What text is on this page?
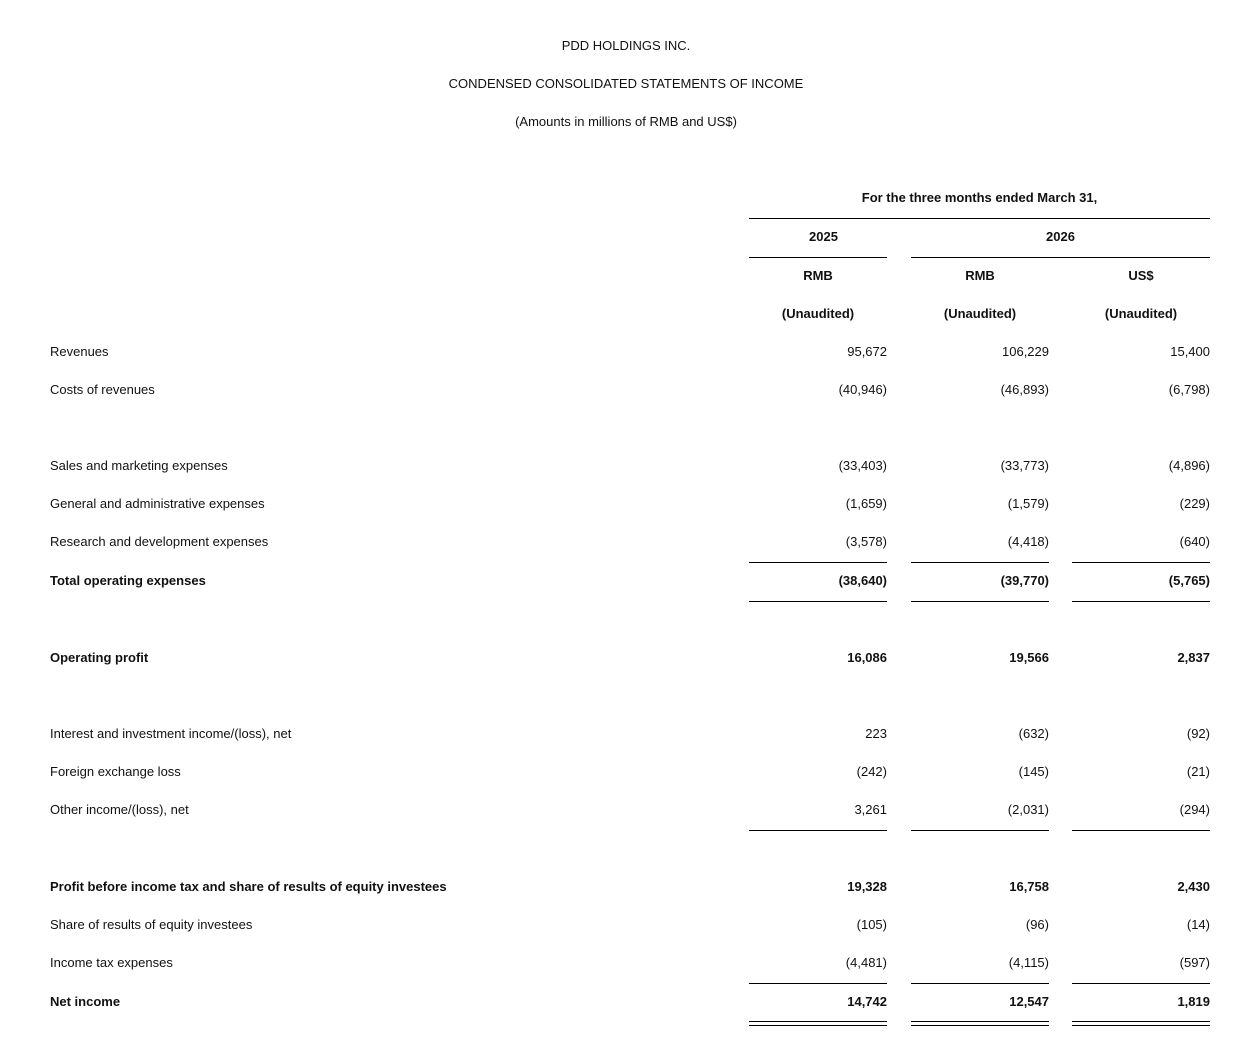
PDD HOLDINGS INC.
CONDENSED CONSOLIDATED STATEMENTS OF INCOME
(Amounts in millions of RMB and US$)
For the three months ended March 31,
2025	2026
RMB	RMB	US$
(Unaudited)	(Unaudited)	(Unaudited)
Revenues	95,672	106,229	15,400
Costs of revenues	(40,946)	(46,893)	(6,798)
Sales and marketing expenses	(33,403)	(33,773)	(4,896)
General and administrative expenses	(1,659)	(1,579)	(229)
Research and development expenses	(3,578)	(4,418)	(640)
Total operating expenses	(38,640)	(39,770)	(5,765)
Operating profit	16,086	19,566	2,837
Interest and investment income/(loss), net	223	(632)	(92)
Foreign exchange loss	(242)	(145)	(21)
Other income/(loss), net	3,261	(2,031)	(294)
Profit before income tax and share of results of equity investees	19,328	16,758	2,430
Share of results of equity investees	(105)	(96)	(14)
Income tax expenses	(4,481)	(4,115)	(597)
Net income	14,742	12,547	1,819
